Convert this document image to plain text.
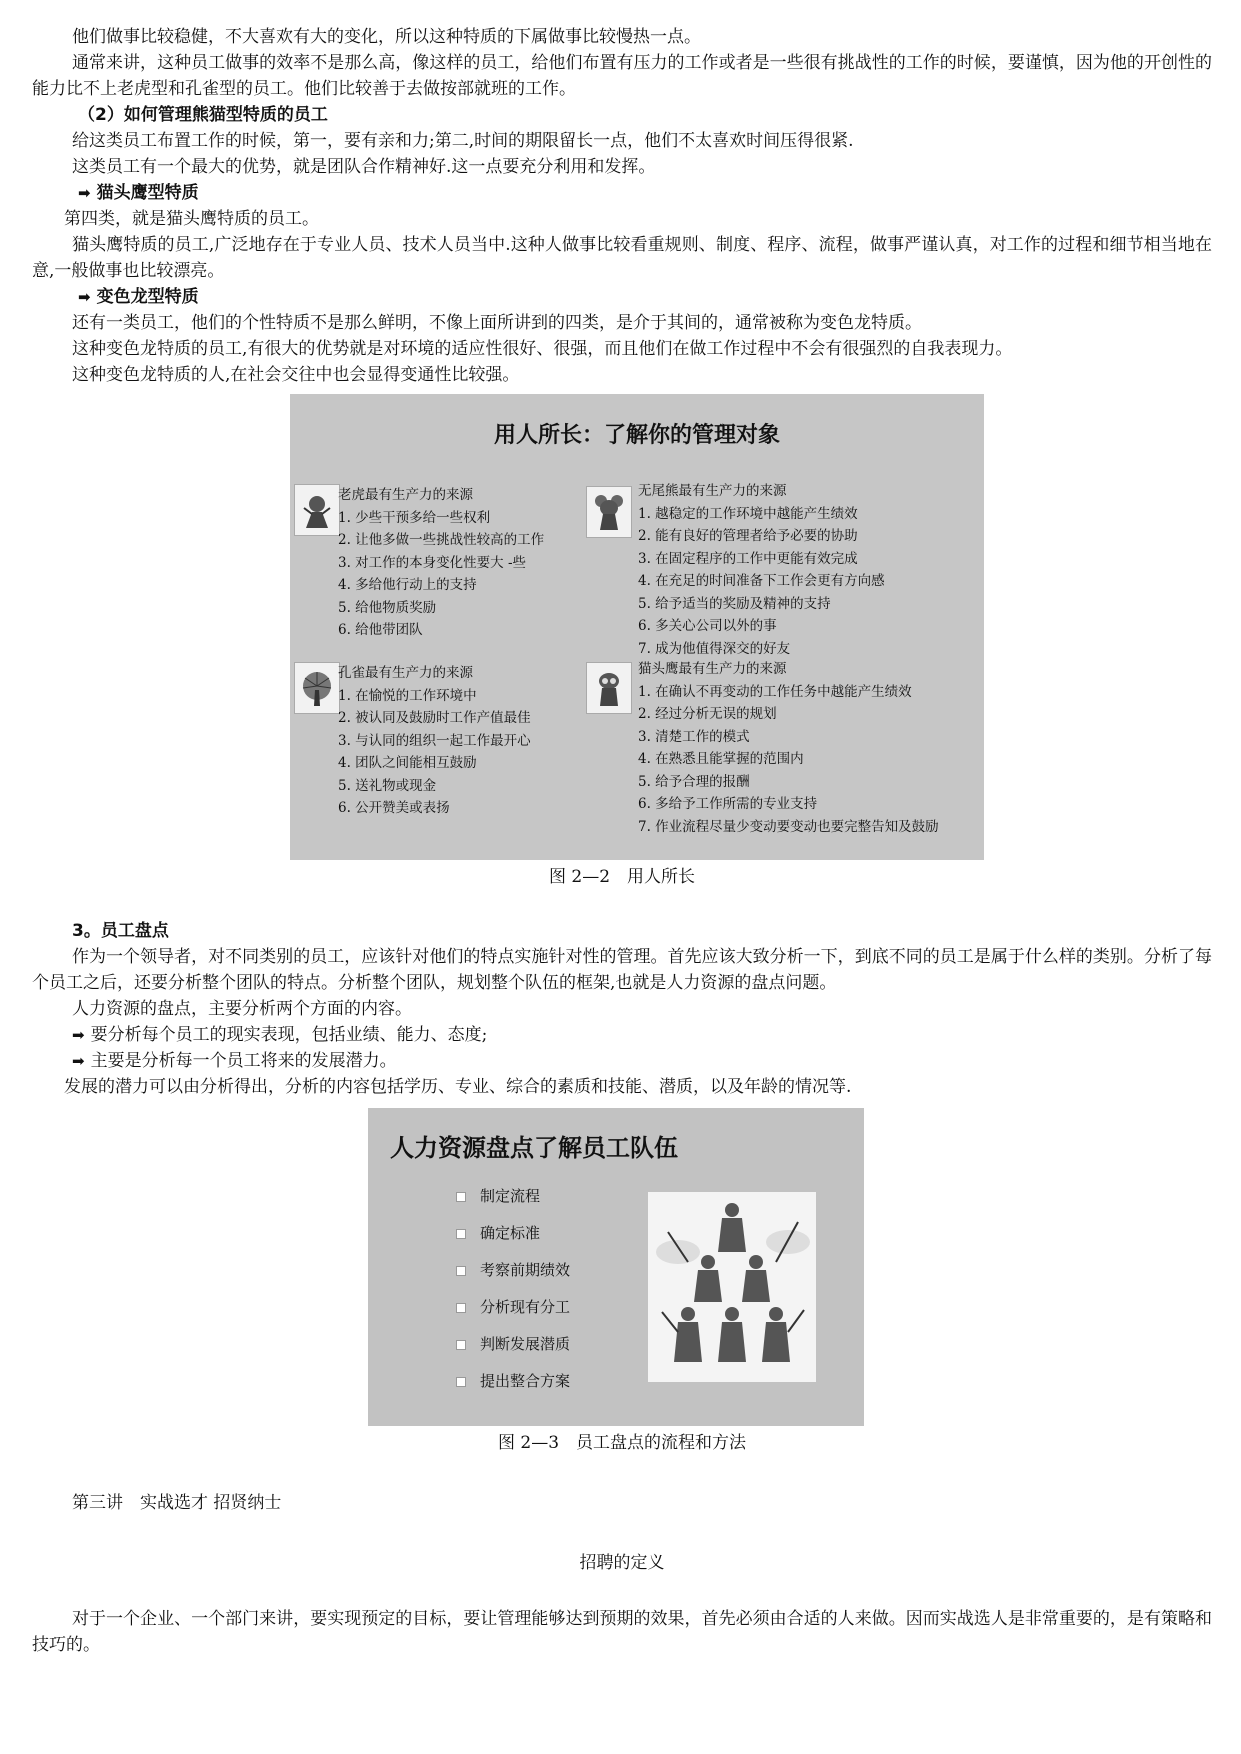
他们做事比较稳健，不大喜欢有大的变化，所以这种特质的下属做事比较慢热一点。

通常来讲，这种员工做事的效率不是那么高，像这样的员工，给他们布置有压力的工作或者是一些很有挑战性的工作的时候，要谨慎，因为他的开创性的能力比不上老虎型和孔雀型的员工。他们比较善于去做按部就班的工作。

（2）如何管理熊猫型特质的员工

给这类员工布置工作的时候，第一，要有亲和力;第二,时间的期限留长一点，他们不太喜欢时间压得很紧.

这类员工有一个最大的优势，就是团队合作精神好.这一点要充分利用和发挥。

➡ 猫头鹰型特质

第四类，就是猫头鹰特质的员工。

猫头鹰特质的员工,广泛地存在于专业人员、技术人员当中.这种人做事比较看重规则、制度、程序、流程，做事严谨认真，对工作的过程和细节相当地在意,一般做事也比较漂亮。

➡ 变色龙型特质

还有一类员工，他们的个性特质不是那么鲜明，不像上面所讲到的四类，是介于其间的，通常被称为变色龙特质。

这种变色龙特质的员工,有很大的优势就是对环境的适应性很好、很强，而且他们在做工作过程中不会有很强烈的自我表现力。

这种变色龙特质的人,在社会交往中也会显得变通性比较强。

用人所长：了解你的管理对象

老虎最有生产力的来源

1. 少些干预多给一些权利

2. 让他多做一些挑战性较高的工作

3. 对工作的本身变化性要大 -些

4. 多给他行动上的支持

5. 给他物质奖励

6. 给他带团队

无尾熊最有生产力的来源

1. 越稳定的工作环境中越能产生绩效

2. 能有良好的管理者给予必要的协助

3. 在固定程序的工作中更能有效完成

4. 在充足的时间准备下工作会更有方向感

5. 给予适当的奖励及精神的支持

6. 多关心公司以外的事

7. 成为他值得深交的好友

孔雀最有生产力的来源

1. 在愉悦的工作环境中

2. 被认同及鼓励时工作产值最佳

3. 与认同的组织一起工作最开心

4. 团队之间能相互鼓励

5. 送礼物或现金

6. 公开赞美或表扬

猫头鹰最有生产力的来源

1. 在确认不再变动的工作任务中越能产生绩效

2. 经过分析无误的规划

3. 清楚工作的模式

4. 在熟悉且能掌握的范围内

5. 给予合理的报酬

6. 多给予工作所需的专业支持

7. 作业流程尽量少变动要变动也要完整告知及鼓励

图 2—2　用人所长

3。员工盘点

作为一个领导者，对不同类别的员工，应该针对他们的特点实施针对性的管理。首先应该大致分析一下，到底不同的员工是属于什么样的类别。分析了每个员工之后，还要分析整个团队的特点。分析整个团队，规划整个队伍的框架,也就是人力资源的盘点问题。

人力资源的盘点，主要分析两个方面的内容。

➡ 要分析每个员工的现实表现，包括业绩、能力、态度;

➡ 主要是分析每一个员工将来的发展潜力。

发展的潜力可以由分析得出，分析的内容包括学历、专业、综合的素质和技能、潜质，以及年龄的情况等.

人力资源盘点了解员工队伍
制定流程
确定标准
考察前期绩效
分析现有分工
判断发展潜质
提出整合方案

图 2—3　员工盘点的流程和方法

第三讲　实战选才 招贤纳士

招聘的定义

对于一个企业、一个部门来讲，要实现预定的目标，要让管理能够达到预期的效果，首先必须由合适的人来做。因而实战选人是非常重要的，是有策略和技巧的。
